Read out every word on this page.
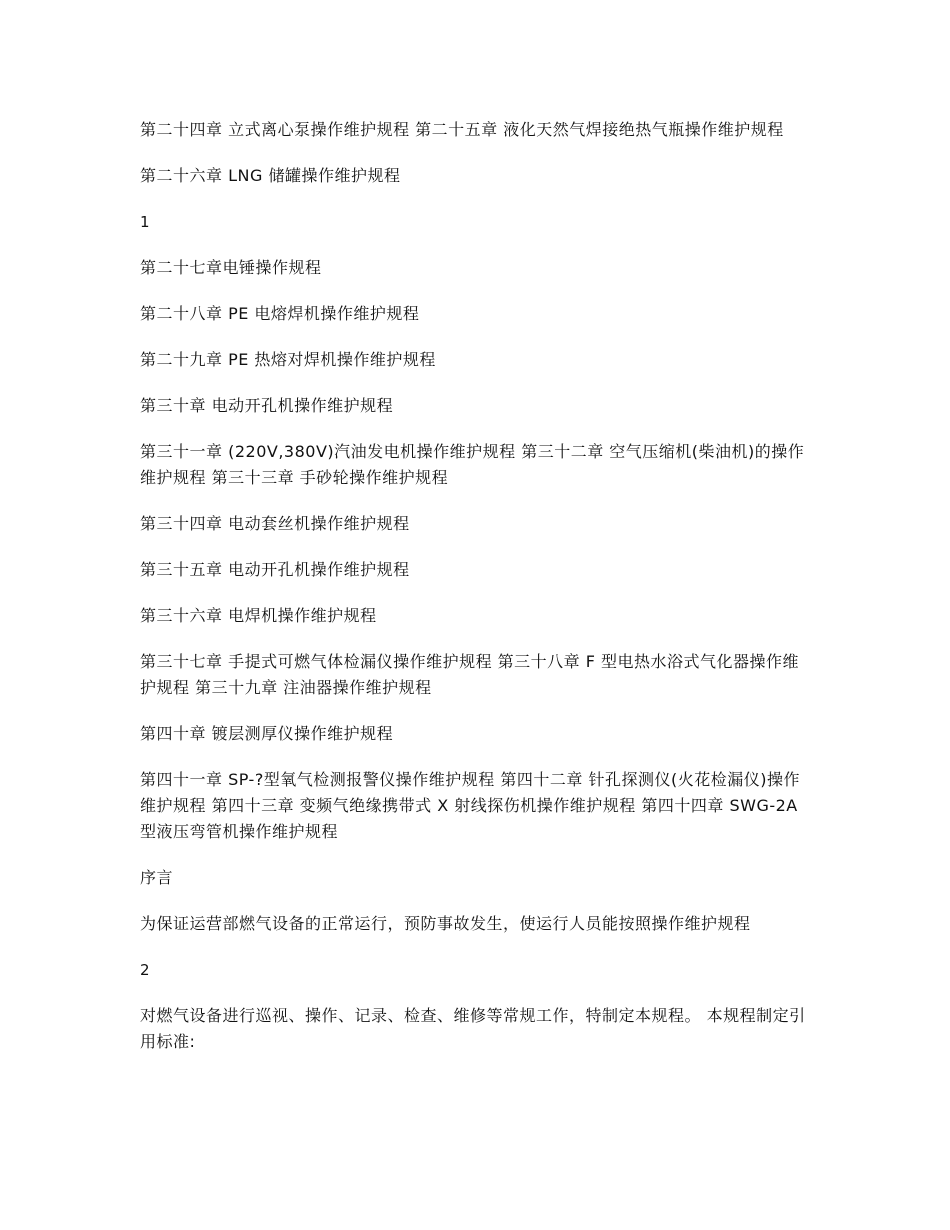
第二十四章 立式离心泵操作维护规程 第二十五章 液化天然气焊接绝热气瓶操作维护规程

第二十六章 LNG 储罐操作维护规程

1

第二十七章电锤操作规程

第二十八章 PE 电熔焊机操作维护规程

第二十九章 PE 热熔对焊机操作维护规程

第三十章 电动开孔机操作维护规程

第三十一章 (220V,380V)汽油发电机操作维护规程 第三十二章 空气压缩机(柴油机)的操作维护规程 第三十三章 手砂轮操作维护规程

第三十四章 电动套丝机操作维护规程

第三十五章 电动开孔机操作维护规程

第三十六章 电焊机操作维护规程

第三十七章 手提式可燃气体检漏仪操作维护规程 第三十八章 F 型电热水浴式气化器操作维护规程 第三十九章 注油器操作维护规程

第四十章 镀层测厚仪操作维护规程

第四十一章 SP-?型氧气检测报警仪操作维护规程 第四十二章 针孔探测仪(火花检漏仪)操作维护规程 第四十三章 变频气绝缘携带式 X 射线探伤机操作维护规程 第四十四章 SWG-2A 型液压弯管机操作维护规程

序言

为保证运营部燃气设备的正常运行，预防事故发生，使运行人员能按照操作维护规程

2

对燃气设备进行巡视、操作、记录、检查、维修等常规工作，特制定本规程。 本规程制定引用标准:
